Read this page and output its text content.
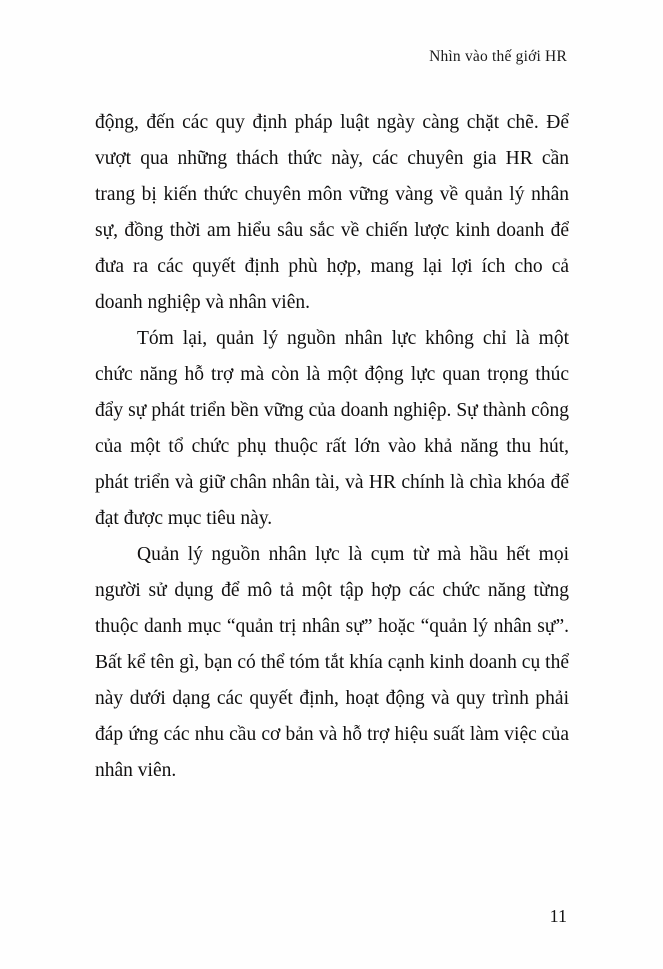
Nhìn vào thế giới HR

động, đến các quy định pháp luật ngày càng chặt chẽ. Để vượt qua những thách thức này, các chuyên gia HR cần trang bị kiến thức chuyên môn vững vàng về quản lý nhân sự, đồng thời am hiểu sâu sắc về chiến lược kinh doanh để đưa ra các quyết định phù hợp, mang lại lợi ích cho cả doanh nghiệp và nhân viên.

Tóm lại, quản lý nguồn nhân lực không chỉ là một chức năng hỗ trợ mà còn là một động lực quan trọng thúc đẩy sự phát triển bền vững của doanh nghiệp. Sự thành công của một tổ chức phụ thuộc rất lớn vào khả năng thu hút, phát triển và giữ chân nhân tài, và HR chính là chìa khóa để đạt được mục tiêu này.

Quản lý nguồn nhân lực là cụm từ mà hầu hết mọi người sử dụng để mô tả một tập hợp các chức năng từng thuộc danh mục “quản trị nhân sự” hoặc “quản lý nhân sự”. Bất kể tên gì, bạn có thể tóm tắt khía cạnh kinh doanh cụ thể này dưới dạng các quyết định, hoạt động và quy trình phải đáp ứng các nhu cầu cơ bản và hỗ trợ hiệu suất làm việc của nhân viên.

11
